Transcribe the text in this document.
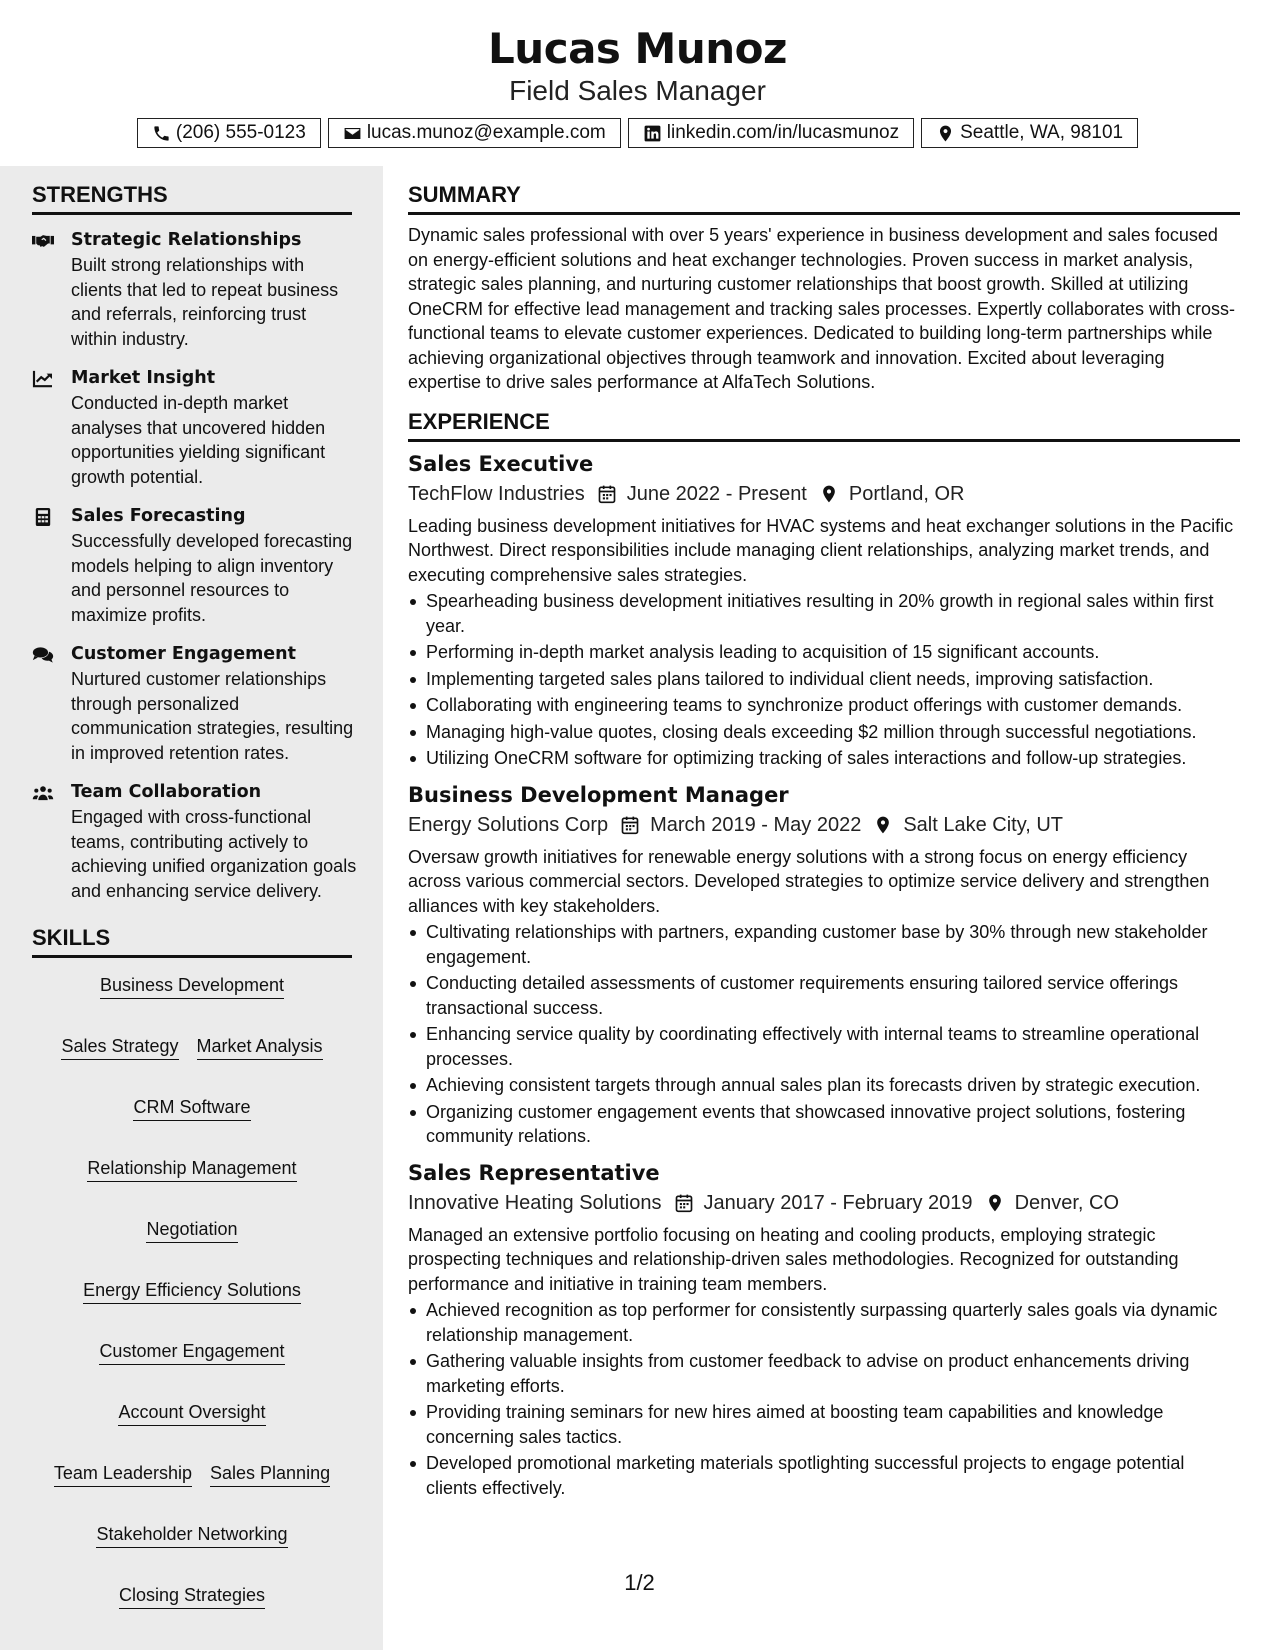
Lucas Munoz
Field Sales Manager
(206) 555-0123	lucas.munoz@example.com	linkedin.com/in/lucasmunoz	Seattle, WA, 98101
STRENGTHS
Strategic Relationships
Built strong relationships with clients that led to repeat business and referrals, reinforcing trust within industry.
Market Insight
Conducted in-depth market analyses that uncovered hidden opportunities yielding significant growth potential.
Sales Forecasting
Successfully developed forecasting models helping to align inventory and personnel resources to maximize profits.
Customer Engagement
Nurtured customer relationships through personalized communication strategies, resulting in improved retention rates.
Team Collaboration
Engaged with cross-functional teams, contributing actively to achieving unified organization goals and enhancing service delivery.
SKILLS
Business Development
Sales Strategy Market Analysis
CRM Software
Relationship Management
Negotiation
Energy Efficiency Solutions
Customer Engagement
Account Oversight
Team Leadership Sales Planning
Stakeholder Networking
Closing Strategies
SUMMARY

Dynamic sales professional with over 5 years' experience in business development and sales focused on energy-efficient solutions and heat exchanger technologies. Proven success in market analysis, strategic sales planning, and nurturing customer relationships that boost growth. Skilled at utilizing OneCRM for effective lead management and tracking sales processes. Expertly collaborates with cross-functional teams to elevate customer experiences. Dedicated to building long-term partnerships while achieving organizational objectives through teamwork and innovation. Excited about leveraging expertise to drive sales performance at AlfaTech Solutions.

EXPERIENCE
Sales Executive
TechFlow Industries June 2022 - Present Portland, OR

Leading business development initiatives for HVAC systems and heat exchanger solutions in the Pacific Northwest. Direct responsibilities include managing client relationships, analyzing market trends, and executing comprehensive sales strategies.

Spearheading business development initiatives resulting in 20% growth in regional sales within first year.
Performing in-depth market analysis leading to acquisition of 15 significant accounts.
Implementing targeted sales plans tailored to individual client needs, improving satisfaction.
Collaborating with engineering teams to synchronize product offerings with customer demands.
Managing high-value quotes, closing deals exceeding $2 million through successful negotiations.
Utilizing OneCRM software for optimizing tracking of sales interactions and follow-up strategies.
Business Development Manager
Energy Solutions Corp March 2019 - May 2022 Salt Lake City, UT

Oversaw growth initiatives for renewable energy solutions with a strong focus on energy efficiency across various commercial sectors. Developed strategies to optimize service delivery and strengthen alliances with key stakeholders.

Cultivating relationships with partners, expanding customer base by 30% through new stakeholder engagement.
Conducting detailed assessments of customer requirements ensuring tailored service offerings transactional success.
Enhancing service quality by coordinating effectively with internal teams to streamline operational processes.
Achieving consistent targets through annual sales plan its forecasts driven by strategic execution.
Organizing customer engagement events that showcased innovative project solutions, fostering community relations.
Sales Representative
Innovative Heating Solutions January 2017 - February 2019 Denver, CO

Managed an extensive portfolio focusing on heating and cooling products, employing strategic prospecting techniques and relationship-driven sales methodologies. Recognized for outstanding performance and initiative in training team members.

Achieved recognition as top performer for consistently surpassing quarterly sales goals via dynamic relationship management.
Gathering valuable insights from customer feedback to advise on product enhancements driving marketing efforts.
Providing training seminars for new hires aimed at boosting team capabilities and knowledge concerning sales tactics.
Developed promotional marketing materials spotlighting successful projects to engage potential clients effectively.
1/2
